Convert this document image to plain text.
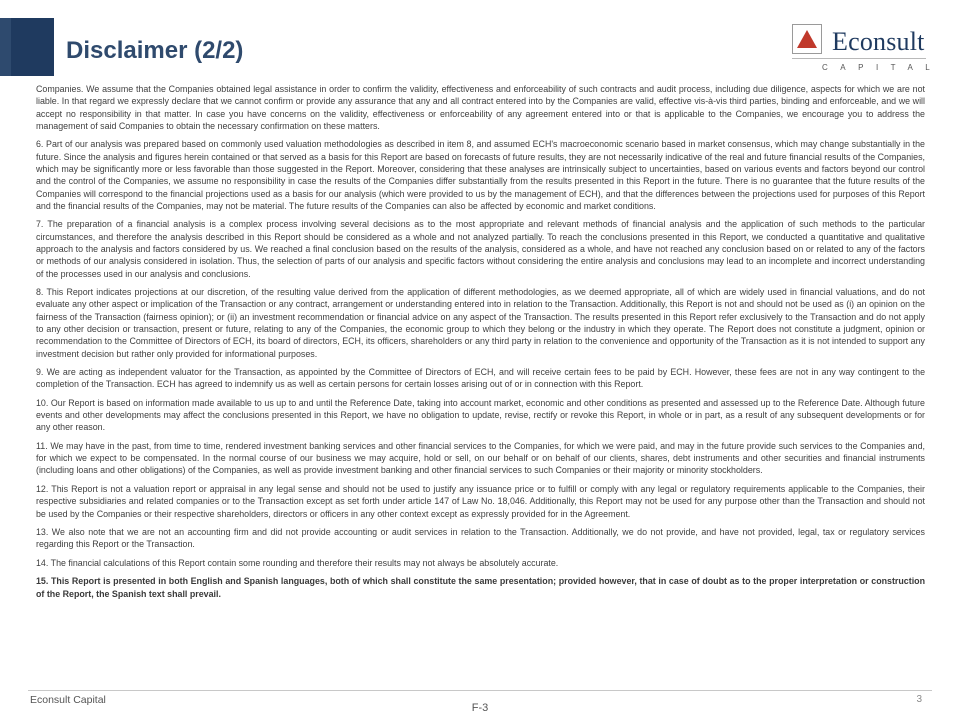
Disclaimer (2/2)	Econsult
CAPITAL

Companies. We assume that the Companies obtained legal assistance in order to confirm the validity, effectiveness and enforceability of such contracts and audit process, including due diligence, aspects for which we are not liable. In that regard we expressly declare that we cannot confirm or provide any assurance that any and all contract entered into by the Companies are valid, effective vis-à-vis third parties, binding and enforceable, and we will accept no responsibility in that matter. In case you have concerns on the validity, effectiveness or enforceability of any agreement entered into or that is applicable to the Companies, we encourage you to address the management of said Companies to obtain the necessary confirmation on these matters.

6. Part of our analysis was prepared based on commonly used valuation methodologies as described in item 8, and assumed ECH's macroeconomic scenario based in market consensus, which may change substantially in the future. Since the analysis and figures herein contained or that served as a basis for this Report are based on forecasts of future results, they are not necessarily indicative of the real and future financial results of the Companies, which may be significantly more or less favorable than those suggested in the Report. Moreover, considering that these analyses are intrinsically subject to uncertainties, based on various events and factors beyond our control and the control of the Companies, we assume no responsibility in case the results of the Companies differ substantially from the results presented in this Report in the future. There is no guarantee that the future results of the Companies will correspond to the financial projections used as a basis for our analysis (which were provided to us by the management of ECH), and that the differences between the projections used for purposes of this Report and the financial results of the Companies, may not be material. The future results of the Companies can also be affected by economic and market conditions.

7. The preparation of a financial analysis is a complex process involving several decisions as to the most appropriate and relevant methods of financial analysis and the application of such methods to the particular circumstances, and therefore the analysis described in this Report should be considered as a whole and not analyzed partially. To reach the conclusions presented in this Report, we conducted a quantitative and qualitative approach to the analysis and factors considered by us. We reached a final conclusion based on the results of the analysis, considered as a whole, and have not reached any conclusion based on or related to any of the factors or methods of our analysis considered in isolation. Thus, the selection of parts of our analysis and specific factors without considering the entire analysis and conclusions may lead to an incomplete and incorrect understanding of the processes used in our analysis and conclusions.

8. This Report indicates projections at our discretion, of the resulting value derived from the application of different methodologies, as we deemed appropriate, all of which are widely used in financial valuations, and do not evaluate any other aspect or implication of the Transaction or any contract, arrangement or understanding entered into in relation to the Transaction. Additionally, this Report is not and should not be used as (i) an opinion on the fairness of the Transaction (fairness opinion); or (ii) an investment recommendation or financial advice on any aspect of the Transaction. The results presented in this Report refer exclusively to the Transaction and do not apply to any other decision or transaction, present or future, relating to any of the Companies, the economic group to which they belong or the industry in which they operate. The Report does not constitute a judgment, opinion or recommendation to the Committee of Directors of ECH, its board of directors, ECH, its officers, shareholders or any third party in relation to the convenience and opportunity of the Transaction as it is not intended to support any investment decision but rather only provided for informational purposes.

9. We are acting as independent valuator for the Transaction, as appointed by the Committee of Directors of ECH, and will receive certain fees to be paid by ECH. However, these fees are not in any way contingent to the completion of the Transaction. ECH has agreed to indemnify us as well as certain persons for certain losses arising out of or in connection with this Report.

10. Our Report is based on information made available to us up to and until the Reference Date, taking into account market, economic and other conditions as presented and assessed up to the Reference Date. Although future events and other developments may affect the conclusions presented in this Report, we have no obligation to update, revise, rectify or revoke this Report, in whole or in part, as a result of any subsequent developments or for any other reason.

11. We may have in the past, from time to time, rendered investment banking services and other financial services to the Companies, for which we were paid, and may in the future provide such services to the Companies and, for which we expect to be compensated. In the normal course of our business we may acquire, hold or sell, on our behalf or on behalf of our clients, shares, debt instruments and other securities and financial instruments (including loans and other obligations) of the Companies, as well as provide investment banking and other financial services to such Companies or their majority or minority stockholders.

12. This Report is not a valuation report or appraisal in any legal sense and should not be used to justify any issuance price or to fulfill or comply with any legal or regulatory requirements applicable to the Companies, their respective subsidiaries and related companies or to the Transaction except as set forth under article 147 of Law No. 18,046. Additionally, this Report may not be used for any purpose other than the Transaction and should not be used by the Companies or their respective shareholders, directors or officers in any other context except as expressly provided for in the Agreement.

13. We also note that we are not an accounting firm and did not provide accounting or audit services in relation to the Transaction. Additionally, we do not provide, and have not provided, legal, tax or regulatory services regarding this Report or the Transaction.

14. The financial calculations of this Report contain some rounding and therefore their results may not always be absolutely accurate.

15. This Report is presented in both English and Spanish languages, both of which shall constitute the same presentation; provided however, that in case of doubt as to the proper interpretation or construction of the Report, the Spanish text shall prevail.

Econsult Capital
F-3
3
